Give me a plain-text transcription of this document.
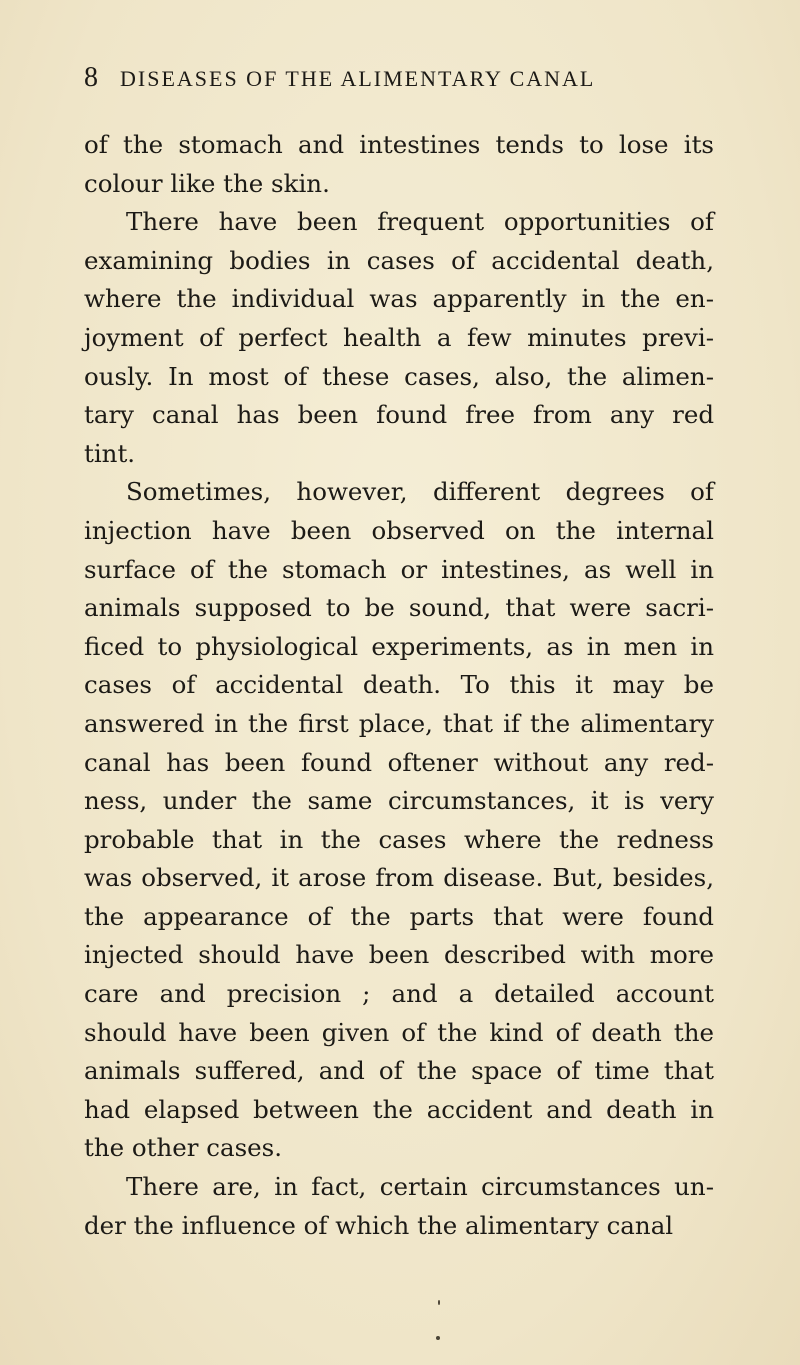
8 DISEASES OF THE ALIMENTARY CANAL
of the stomach and intestines tends to lose its
colour like the skin.
There have been frequent opportunities of
examining bodies in cases of accidental death,
where the individual was apparently in the en-
joyment of perfect health a few minutes previ-
ously. In most of these cases, also, the alimen-
tary canal has been found free from any red
tint.
Sometimes, however, different degrees of
injection have been observed on the internal
surface of the stomach or intestines, as well in
animals supposed to be sound, that were sacri-
ficed to physiological experiments, as in men in
cases of accidental death. To this it may be
answered in the first place, that if the alimentary
canal has been found oftener without any red-
ness, under the same circumstances, it is very
probable that in the cases where the redness
was observed, it arose from disease. But, besides,
the appearance of the parts that were found
injected should have been described with more
care and precision ; and a detailed account
should have been given of the kind of death the
animals suffered, and of the space of time that
had elapsed between the accident and death in
the other cases.
There are, in fact, certain circumstances un-
der the influence of which the alimentary canal
